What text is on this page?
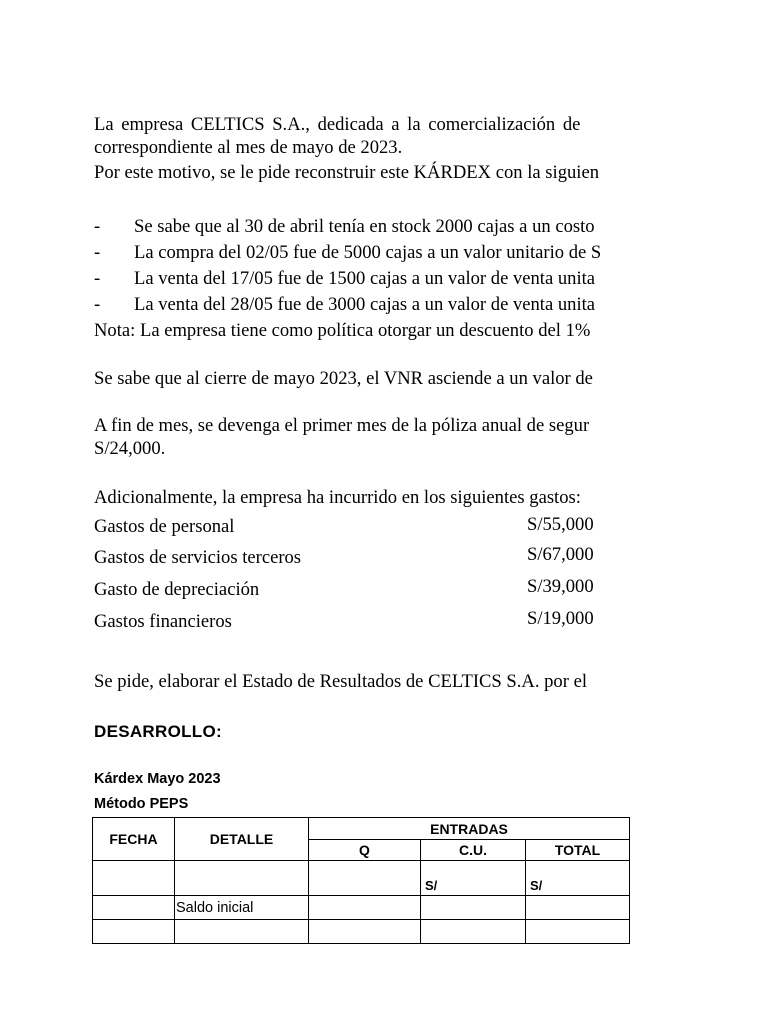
La empresa CELTICS S.A., dedicada a la comercialización de
correspondiente al mes de mayo de 2023.
Por este motivo, se le pide reconstruir este KÁRDEX con la siguien
- Se sabe que al 30 de abril tenía en stock 2000 cajas a un costo
- La compra del 02/05 fue de 5000 cajas a un valor unitario de S
- La venta del 17/05 fue de 1500 cajas a un valor de venta unita
- La venta del 28/05 fue de 3000 cajas a un valor de venta unita
Nota: La empresa tiene como política otorgar un descuento del 1%
Se sabe que al cierre de mayo 2023, el VNR asciende a un valor de
A fin de mes, se devenga el primer mes de la póliza anual de segur
S/24,000.
Adicionalmente, la empresa ha incurrido en los siguientes gastos:
Gastos de personal	S/55,000
Gastos de servicios terceros	S/67,000
Gasto de depreciación	S/39,000
Gastos financieros	S/19,000
Se pide, elaborar el Estado de Resultados de CELTICS S.A. por el
DESARROLLO:
Kárdex Mayo 2023
Método PEPS
FECHA	DETALLE	ENTRADAS		
		Q	C.U.	TOTAL
			S/	S/
	Saldo inicial			
